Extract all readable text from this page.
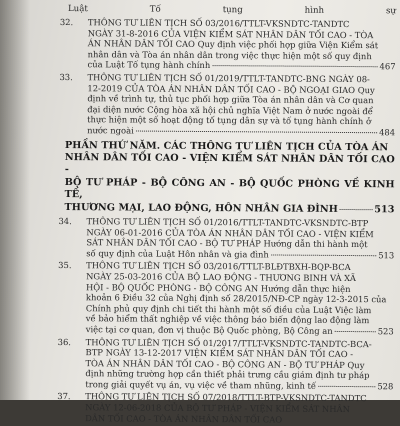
Luật Tố tụng hình sự
32. THÔNG TƯ LIÊN TỊCH SỐ 03/2016/TTLT-VKSNDTC-TANDTC
NGÀY 31-8-2016 CỦA VIỆN KIỂM SÁT NHÂN DÂN TỐI CAO - TÒA
ÁN NHÂN DÂN TỐI CAO Quy định việc phối hợp giữa Viện Kiểm sát
nhân dân và Tòa án nhân dân trong việc thực hiện một số quy định
của Luật Tố tụng hành chính	467
33. THÔNG TƯ LIÊN TỊCH SỐ 01/2019/TTLT-TANDTC-BNG NGÀY 08-
12-2019 CỦA TÒA ÁN NHÂN DÂN TỐI CAO - BỘ NGOẠI GIAO Quy
định về trình tự, thủ tục phối hợp giữa Tòa án nhân dân và Cơ quan
đại diện nước Cộng hòa xã hội chủ nghĩa Việt Nam ở nước ngoài để
thực hiện một số hoạt động tố tụng dân sự và tố tụng hành chính ở
nước ngoài	484
PHẦN THỨ NĂM. CÁC THÔNG TƯ LIÊN TỊCH CỦA TÒA ÁN
NHÂN DÂN TỐI CAO - VIỆN KIỂM SÁT NHÂN DÂN TỐI CAO -
BỘ TƯ PHÁP - BỘ CÔNG AN - BỘ QUỐC PHÒNG VỀ KINH TẾ,
THƯƠNG MẠI, LAO ĐỘNG, HÔN NHÂN GIA ĐÌNH	513
34. THÔNG TƯ LIÊN TỊCH SỐ 01/2016/TTLT-TANDTC-VKSNDTC-BTP
NGÀY 06-01-2016 CỦA TÒA ÁN NHÂN DÂN TỐI CAO - VIỆN KIỂM
SÁT NHÂN DÂN TỐI CAO - BỘ TƯ PHÁP Hướng dẫn thi hành một
số quy định của Luật Hôn nhân và gia đình	513
35. THÔNG TƯ LIÊN TỊCH SỐ 03/2016/TTLT-BLĐTBXH-BQP-BCA
NGÀY 25-03-2016 CỦA BỘ LAO ĐỘNG - THƯƠNG BINH VÀ XÃ
HỘI - BỘ QUỐC PHÒNG - BỘ CÔNG AN Hướng dẫn thực hiện
khoản 6 Điều 32 của Nghị định số 28/2015/NĐ-CP ngày 12-3-2015 của
Chính phủ quy định chi tiết thi hành một số điều của Luật Việc làm
về bảo hiểm thất nghiệp về việc thông báo biến động lao động làm
việc tại cơ quan, đơn vị thuộc Bộ Quốc phòng, Bộ Công an	523
36. THÔNG TƯ LIÊN TỊCH SỐ 01/2017/TTLT-VKSNDTC-TANDTC-BCA-
BTP NGÀY 13-12-2017 VIỆN KIỂM SÁT NHÂN DÂN TỐI CAO -
TÒA ÁN NHÂN DÂN TỐI CAO - BỘ CÔNG AN - BỘ TƯ PHÁP Quy
định những trường hợp cần thiết phải trưng cầu giám định tư pháp
trong giải quyết vụ án, vụ việc về tham nhũng, kinh tế	528
37. THÔNG TƯ LIÊN TỊCH SỐ 07/2018/TTLT-BTP-VKSNDTC-TANDTC
NGÀY 12-06-2018 CỦA BỘ TƯ PHÁP - VIỆN KIỂM SÁT NHÂN
DÂN TỐI CAO - TÒA ÁN NHÂN DÂN TỐI CAO
